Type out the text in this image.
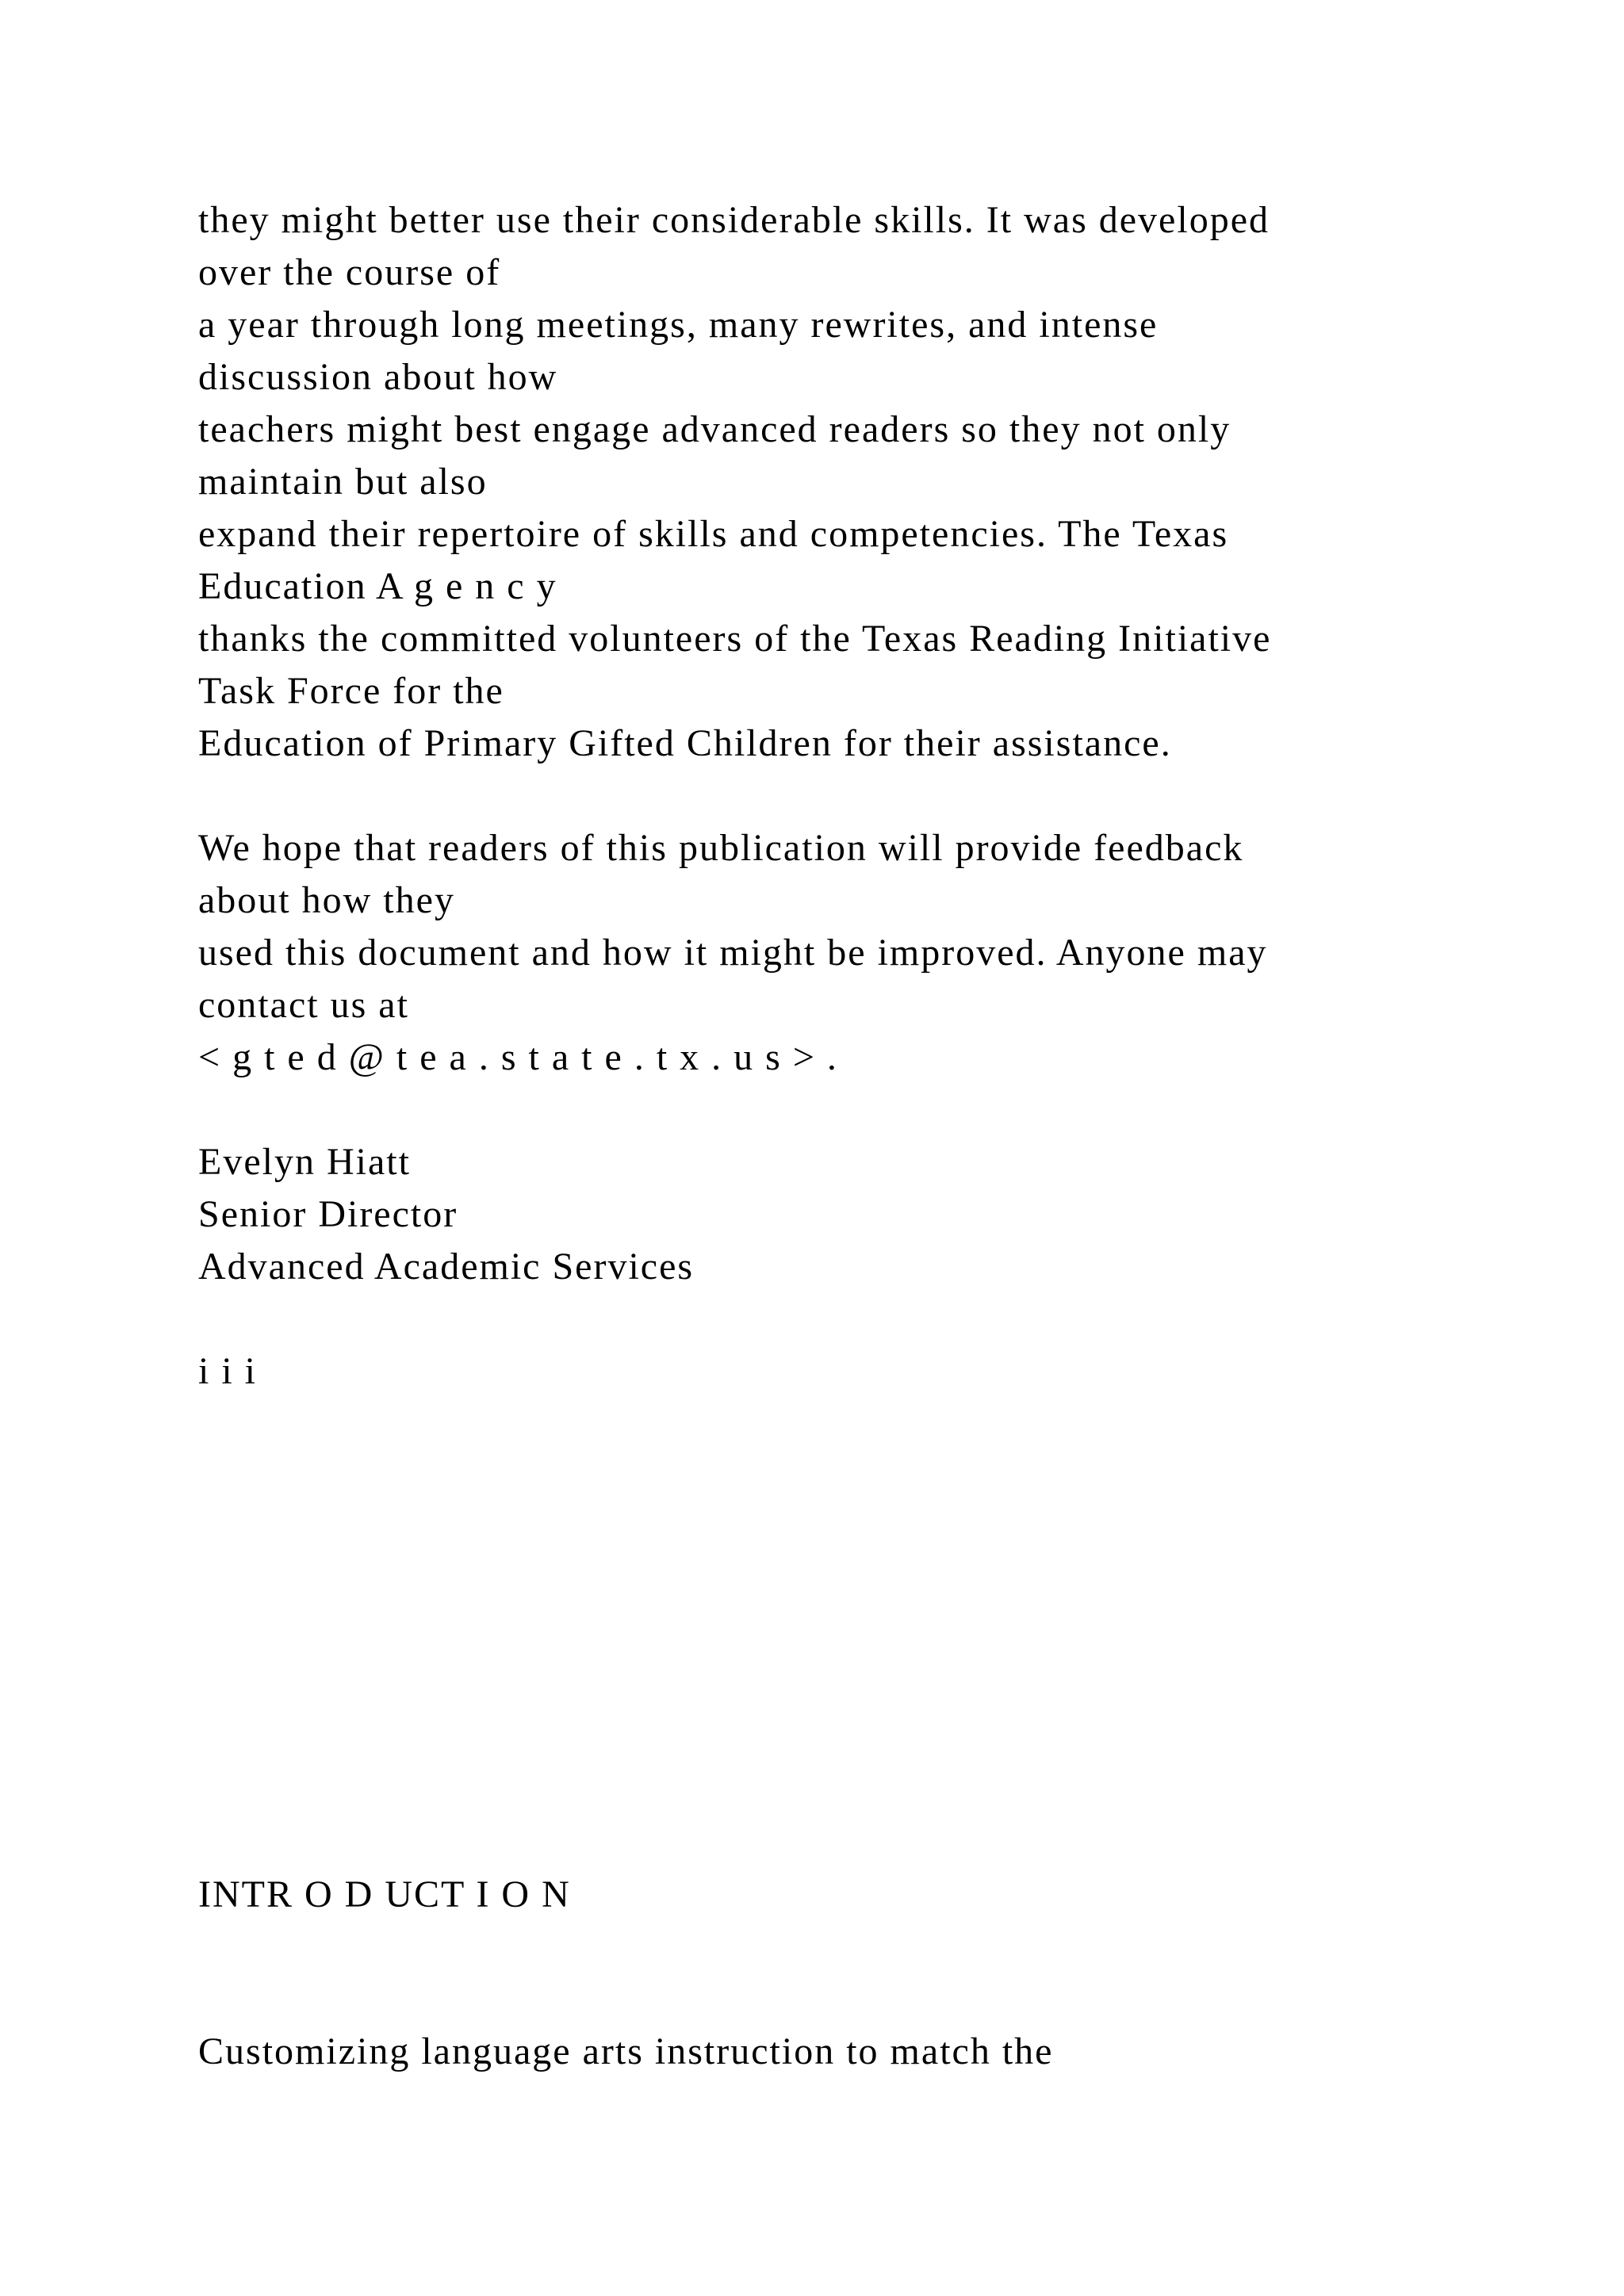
they might better use their considerable skills. It was developed
over the course of
a year through long meetings, many rewrites, and intense
discussion about how
teachers might best engage advanced readers so they not only
maintain but also
expand their repertoire of skills and competencies. The Texas
Education A g e n c y
thanks the committed volunteers of the Texas Reading Initiative
Task Force for the
Education of Primary Gifted Children for their assistance.
We hope that readers of this publication will provide feedback
about how they
used this document and how it might be improved. Anyone may
contact us at
< g t e d @ t e a . s t a t e . t x . u s > .
Evelyn Hiatt
Senior Director
Advanced Academic Services
i i i
INTR O D UCT I O N
Customizing language arts instruction to match the
